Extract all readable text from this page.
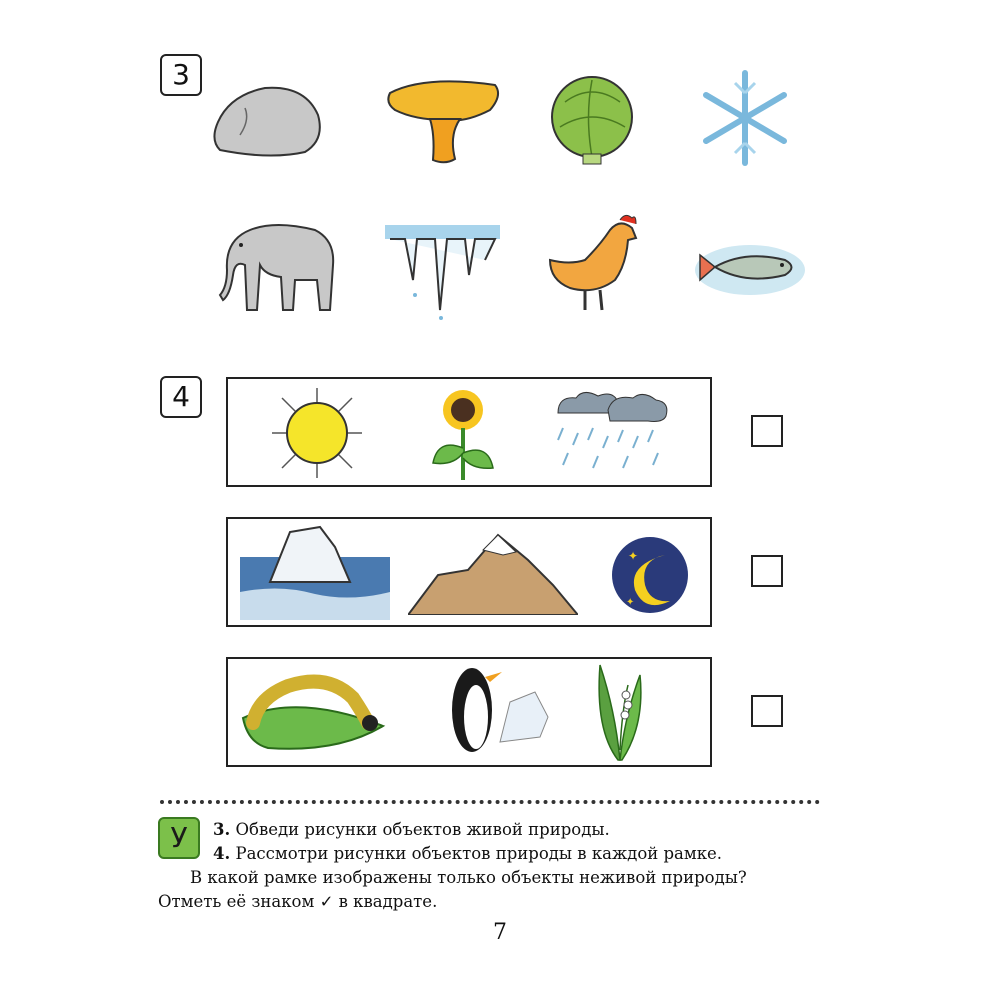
3
4
✦
✦
У	3. Обведи рисунки объектов живой природы.
4. Рассмотри рисунки объектов природы в каждой рамке.
В какой рамке изображены только объекты неживой природы?
Отметь её знаком ✓ в квадрате.
7
